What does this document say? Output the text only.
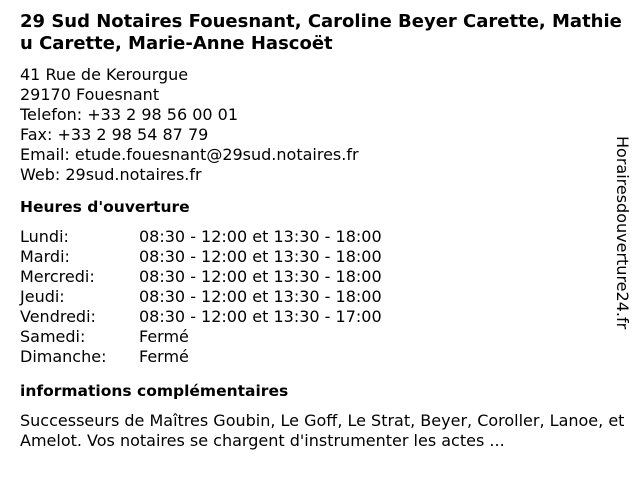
29 Sud Notaires Fouesnant, Caroline Beyer Carette, Mathieu Carette, Marie-Anne Hascoët
41 Rue de Kerourgue
29170 Fouesnant
Telefon: +33 2 98 56 00 01
Fax: +33 2 98 54 87 79
Email: etude.fouesnant@29sud.notaires.fr
Web: 29sud.notaires.fr
Heures d'ouverture
Lundi:	08:30 - 12:00 et 13:30 - 18:00
Mardi:	08:30 - 12:00 et 13:30 - 18:00
Mercredi:	08:30 - 12:00 et 13:30 - 18:00
Jeudi:	08:30 - 12:00 et 13:30 - 18:00
Vendredi:	08:30 - 12:00 et 13:30 - 17:00
Samedi:	Fermé
Dimanche:	Fermé
informations complémentaires
Successeurs de Maîtres Goubin, Le Goff, Le Strat, Beyer, Coroller, Lanoe, et Amelot. Vos notaires se chargent d'instrumenter les actes ...
Horairesdouverture24.fr
